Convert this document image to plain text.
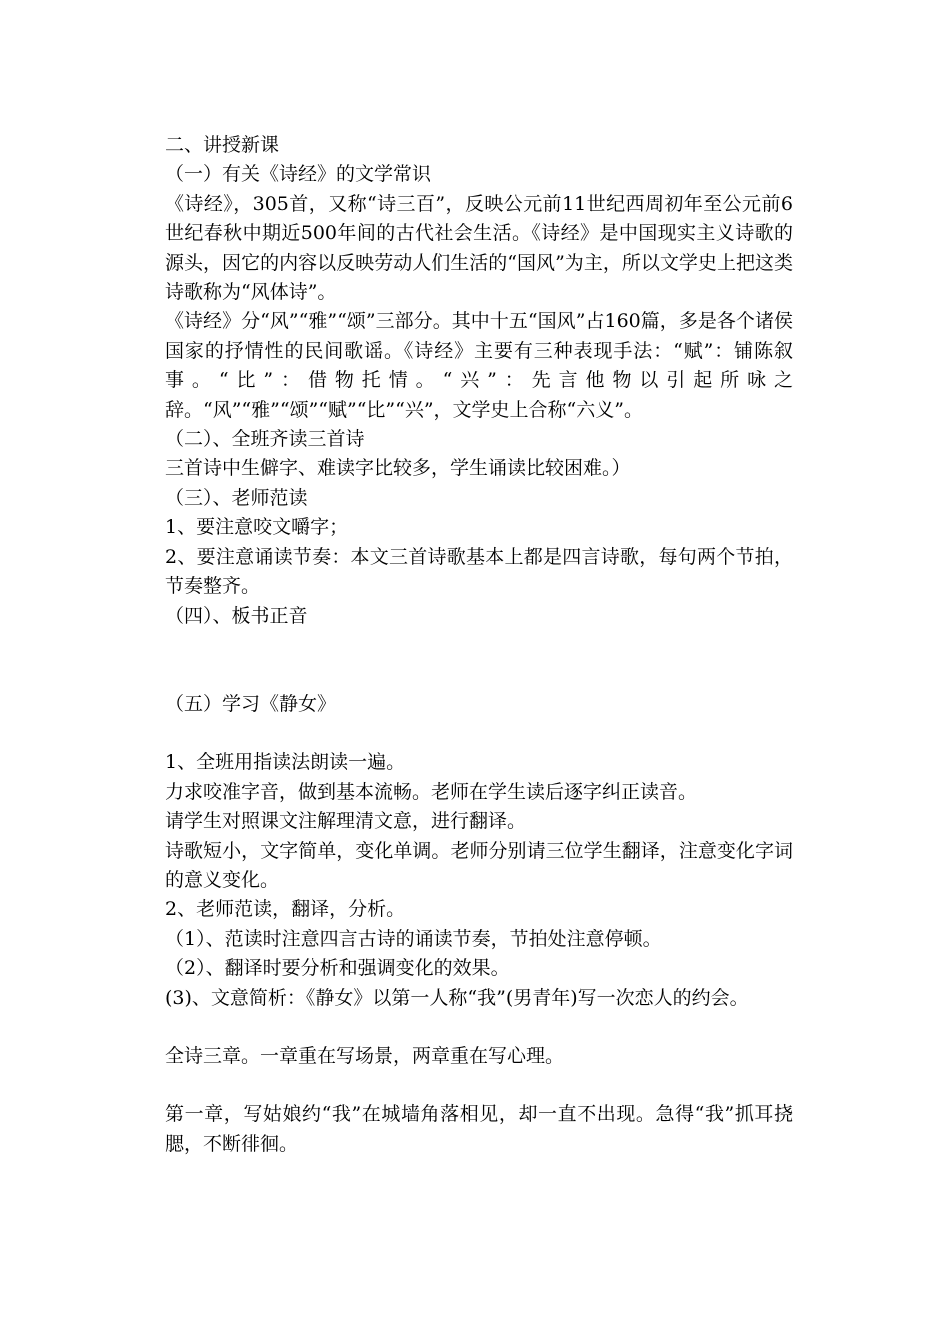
二、讲授新课

（一）有关《诗经》的文学常识

《诗经》，305首，又称“诗三百”，反映公元前11世纪西周初年至公元前6世纪春秋中期近500年间的古代社会生活。《诗经》是中国现实主义诗歌的源头，因它的内容以反映劳动人们生活的“国风”为主，所以文学史上把这类诗歌称为“风体诗”。

《诗经》分“风”“雅”“颂”三部分。其中十五“国风”占160篇，多是各个诸侯国家的抒情性的民间歌谣。《诗经》主要有三种表现手法：“赋”：铺陈叙事。“比”：借物托情。“兴”：先言他物以引起所咏之辞。“风”“雅”“颂”“赋”“比”“兴”，文学史上合称“六义”。

（二）、全班齐读三首诗

三首诗中生僻字、难读字比较多，学生诵读比较困难。）

（三）、老师范读

1、要注意咬文嚼字；

2、要注意诵读节奏：本文三首诗歌基本上都是四言诗歌，每句两个节拍，节奏整齐。

（四）、板书正音

（五）学习《静女》

1、全班用指读法朗读一遍。

力求咬准字音，做到基本流畅。老师在学生读后逐字纠正读音。

请学生对照课文注解理清文意，进行翻译。

诗歌短小，文字简单，变化单调。老师分别请三位学生翻译，注意变化字词的意义变化。

2、老师范读，翻译，分析。

（1）、范读时注意四言古诗的诵读节奏，节拍处注意停顿。

（2）、翻译时要分析和强调变化的效果。

(3)、文意简析：《静女》以第一人称“我”(男青年)写一次恋人的约会。

全诗三章。一章重在写场景，两章重在写心理。

第一章，写姑娘约“我”在城墙角落相见，却一直不出现。急得“我”抓耳挠腮，不断徘徊。
